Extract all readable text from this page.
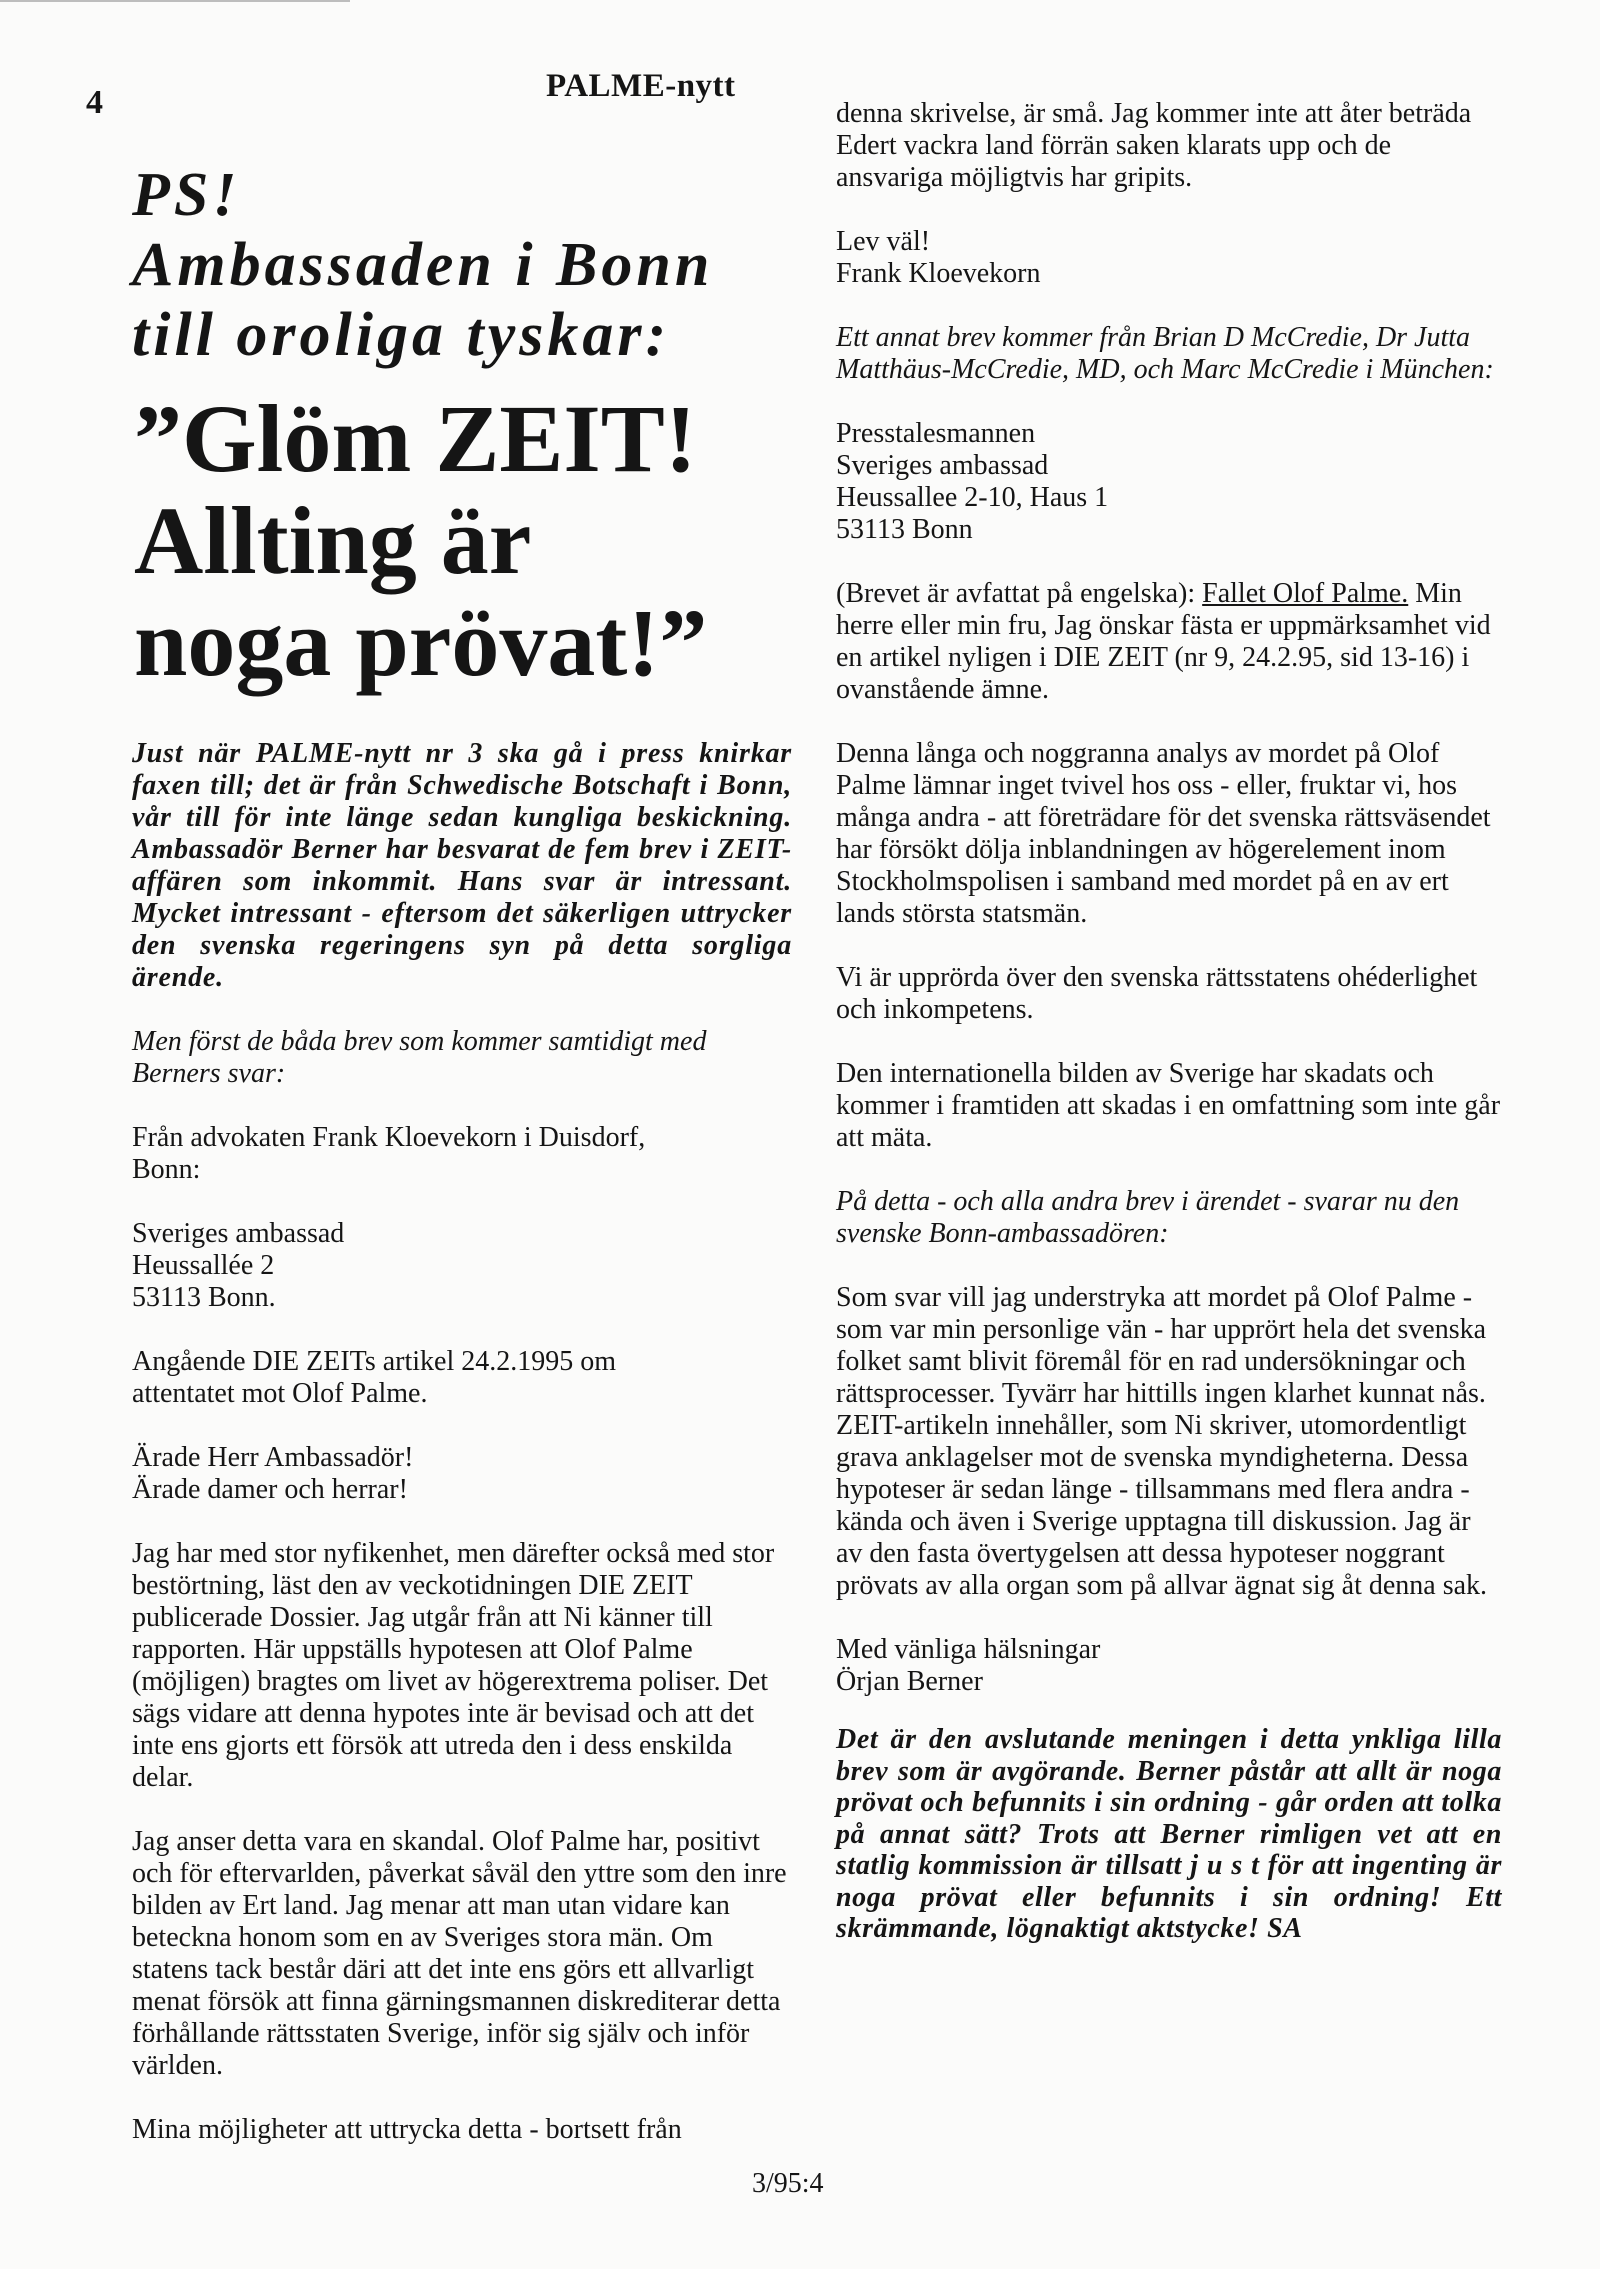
4	PALME-nytt
PS!
Ambassaden i Bonn
till oroliga tyskar:
”Glöm ZEIT!
Allting är
noga prövat!”

Just när PALME-nytt nr 3 ska gå i press knirkar faxen till; det är från Schwedische Botschaft i Bonn, vår till för inte länge sedan kungliga beskickning. Ambassadör Berner har besvarat de fem brev i ZEIT-affären som inkommit. Hans svar är intressant. Mycket intressant - eftersom det säkerligen uttrycker den svenska regeringens syn på detta sorgliga ärende.

Men först de båda brev som kommer samtidigt med Berners svar:

Från advokaten Frank Kloevekorn i Duisdorf,
Bonn:

Sveriges ambassad
Heussallée 2
53113 Bonn.

Angående DIE ZEITs artikel 24.2.1995 om
attentatet mot Olof Palme.

Ärade Herr Ambassadör!
Ärade damer och herrar!

Jag har med stor nyfikenhet, men därefter också med stor bestörtning, läst den av veckotidningen DIE ZEIT publicerade Dossier. Jag utgår från att Ni känner till rapporten. Här uppställs hypotesen att Olof Palme (möjligen) bragtes om livet av högerextrema poliser. Det sägs vidare att denna hypotes inte är bevisad och att det inte ens gjorts ett försök att utreda den i dess enskilda delar.

Jag anser detta vara en skandal. Olof Palme har, positivt och för eftervarlden, påverkat såväl den yttre som den inre bilden av Ert land. Jag menar att man utan vidare kan beteckna honom som en av Sveriges stora män. Om statens tack består däri att det inte ens görs ett allvarligt menat försök att finna gärningsmannen diskrediterar detta förhållande rättsstaten Sverige, inför sig själv och inför världen.

Mina möjligheter att uttrycka detta - bortsett från

denna skrivelse, är små. Jag kommer inte att åter beträda Edert vackra land förrän saken klarats upp och de ansvariga möjligtvis har gripits.

Lev väl!
Frank Kloevekorn

Ett annat brev kommer från Brian D McCredie, Dr Jutta Matthäus-McCredie, MD, och Marc McCredie i München:

Presstalesmannen
Sveriges ambassad
Heussallee 2-10, Haus 1
53113 Bonn

(Brevet är avfattat på engelska): Fallet Olof Palme. Min herre eller min fru, Jag önskar fästa er uppmärksamhet vid en artikel nyligen i DIE ZEIT (nr 9, 24.2.95, sid 13-16) i ovanstående ämne.

Denna långa och noggranna analys av mordet på Olof Palme lämnar inget tvivel hos oss - eller, fruktar vi, hos många andra - att företrädare för det svenska rättsväsendet har försökt dölja inblandningen av högerelement inom Stockholmspolisen i samband med mordet på en av ert lands största statsmän.

Vi är upprörda över den svenska rättsstatens ohéderlighet och inkompetens.

Den internationella bilden av Sverige har skadats och kommer i framtiden att skadas i en omfattning som inte går att mäta.

På detta - och alla andra brev i ärendet - svarar nu den svenske Bonn-ambassadören:

Som svar vill jag understryka att mordet på Olof Palme - som var min personlige vän - har upprört hela det svenska folket samt blivit föremål för en rad undersökningar och rättsprocesser. Tyvärr har hittills ingen klarhet kunnat nås. ZEIT-artikeln innehåller, som Ni skriver, utomordentligt grava anklagelser mot de svenska myndigheterna. Dessa hypoteser är sedan länge - tillsammans med flera andra - kända och även i Sverige upptagna till diskussion. Jag är av den fasta övertygelsen att dessa hypoteser noggrant prövats av alla organ som på allvar ägnat sig åt denna sak.

Med vänliga hälsningar
Örjan Berner

Det är den avslutande meningen i detta ynkliga lilla brev som är avgörande. Berner påstår att allt är noga prövat och befunnits i sin ordning - går orden att tolka på annat sätt? Trots att Berner rimligen vet att en statlig kommission är tillsatt j u s t för att ingenting är noga prövat eller befunnits i sin ordning! Ett skrämmande, lögnaktigt aktstycke! SA

3/95:4
